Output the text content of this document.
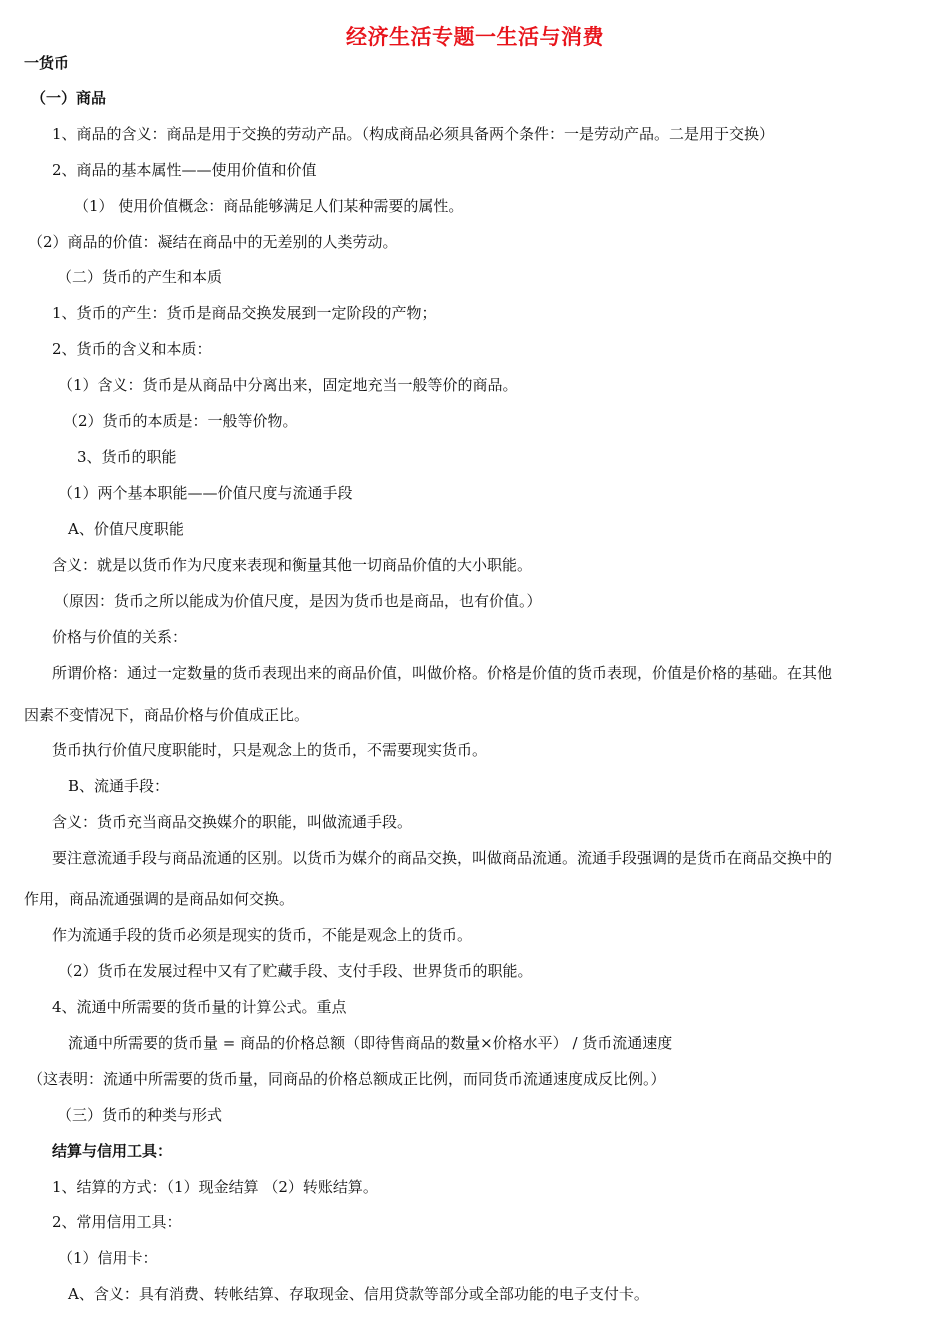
经济生活专题一生活与消费
一货币
（一）商品
1、商品的含义：商品是用于交换的劳动产品。（构成商品必须具备两个条件：一是劳动产品。二是用于交换）
2、商品的基本属性——使用价值和价值
（1） 使用价值概念：商品能够满足人们某种需要的属性。
（2）商品的价值：凝结在商品中的无差别的人类劳动。
（二）货币的产生和本质
1、货币的产生：货币是商品交换发展到一定阶段的产物；
2、货币的含义和本质：
（1）含义：货币是从商品中分离出来，固定地充当一般等价的商品。
（2）货币的本质是：一般等价物。
3、货币的职能
（1）两个基本职能——价值尺度与流通手段
A、价值尺度职能
含义：就是以货币作为尺度来表现和衡量其他一切商品价值的大小职能。
（原因：货币之所以能成为价值尺度，是因为货币也是商品，也有价值。）
价格与价值的关系：
所谓价格：通过一定数量的货币表现出来的商品价值，叫做价格。价格是价值的货币表现，价值是价格的基础。在其他
因素不变情况下，商品价格与价值成正比。
货币执行价值尺度职能时，只是观念上的货币，不需要现实货币。
B、流通手段：
含义：货币充当商品交换媒介的职能，叫做流通手段。
要注意流通手段与商品流通的区别。以货币为媒介的商品交换，叫做商品流通。流通手段强调的是货币在商品交换中的
作用，商品流通强调的是商品如何交换。
作为流通手段的货币必须是现实的货币，不能是观念上的货币。
（2）货币在发展过程中又有了贮藏手段、支付手段、世界货币的职能。
4、流通中所需要的货币量的计算公式。重点
流通中所需要的货币量 = 商品的价格总额（即待售商品的数量×价格水平） / 货币流通速度
（这表明：流通中所需要的货币量，同商品的价格总额成正比例，而同货币流通速度成反比例。）
（三）货币的种类与形式
结算与信用工具：
1、结算的方式：（1）现金结算 （2）转账结算。
2、常用信用工具：
（1）信用卡：
A、含义：具有消费、转帐结算、存取现金、信用贷款等部分或全部功能的电子支付卡。
